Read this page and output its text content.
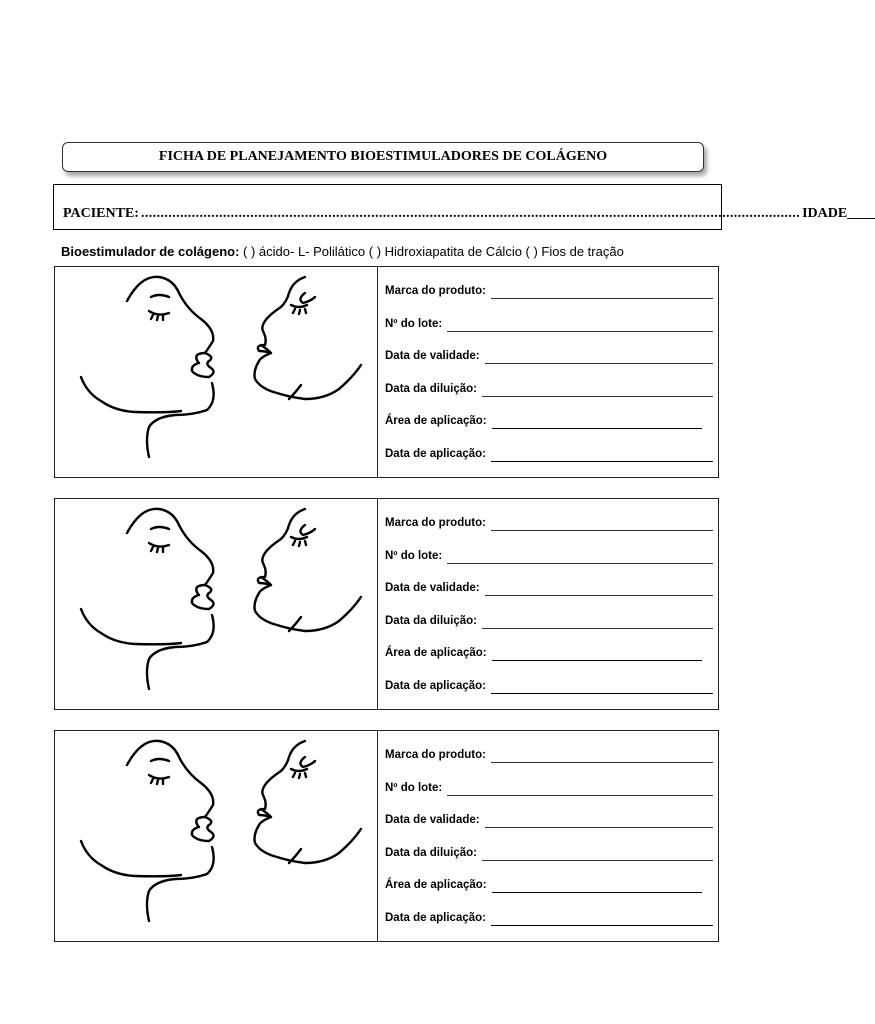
FICHA DE PLANEJAMENTO BIOESTIMULADORES DE COLÁGENO
PACIENTE: ......................................................................................................................................................................... IDADE____
Bioestimulador de colágeno: ( ) ácido- L- Polilático ( ) Hidroxiapatita de Cálcio ( ) Fios de tração
Marca do produto:
Nº do lote:
Data de validade:
Data da diluição:
Área de aplicação:
Data de aplicação:
Marca do produto:
Nº do lote:
Data de validade:
Data da diluição:
Área de aplicação:
Data de aplicação:
Marca do produto:
Nº do lote:
Data de validade:
Data da diluição:
Área de aplicação:
Data de aplicação:
